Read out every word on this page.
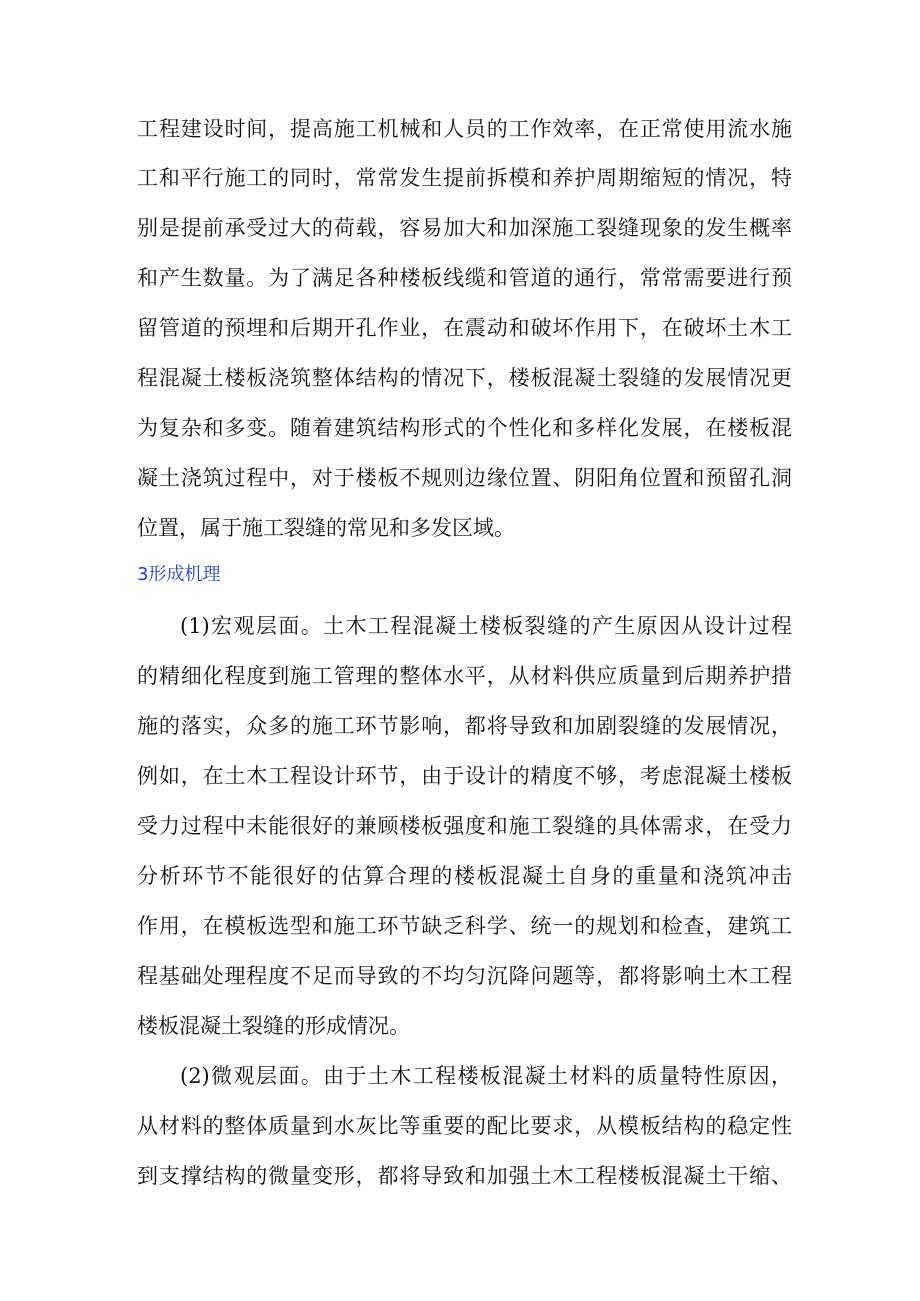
工程建设时间，提高施工机械和人员的工作效率，在正常使用流水施
工和平行施工的同时，常常发生提前拆模和养护周期缩短的情况，特
别是提前承受过大的荷载，容易加大和加深施工裂缝现象的发生概率
和产生数量。为了满足各种楼板线缆和管道的通行，常常需要进行预
留管道的预埋和后期开孔作业，在震动和破坏作用下，在破坏土木工
程混凝土楼板浇筑整体结构的情况下，楼板混凝土裂缝的发展情况更
为复杂和多变。随着建筑结构形式的个性化和多样化发展，在楼板混
凝土浇筑过程中，对于楼板不规则边缘位置、阴阳角位置和预留孔洞
位置，属于施工裂缝的常见和多发区域。
3形成机理
(1)宏观层面。土木工程混凝土楼板裂缝的产生原因从设计过程
的精细化程度到施工管理的整体水平，从材料供应质量到后期养护措
施的落实，众多的施工环节影响，都将导致和加剧裂缝的发展情况，
例如，在土木工程设计环节，由于设计的精度不够，考虑混凝土楼板
受力过程中未能很好的兼顾楼板强度和施工裂缝的具体需求，在受力
分析环节不能很好的估算合理的楼板混凝土自身的重量和浇筑冲击
作用，在模板选型和施工环节缺乏科学、统一的规划和检查，建筑工
程基础处理程度不足而导致的不均匀沉降问题等，都将影响土木工程
楼板混凝土裂缝的形成情况。
(2)微观层面。由于土木工程楼板混凝土材料的质量特性原因，
从材料的整体质量到水灰比等重要的配比要求，从模板结构的稳定性
到支撑结构的微量变形，都将导致和加强土木工程楼板混凝土干缩、
